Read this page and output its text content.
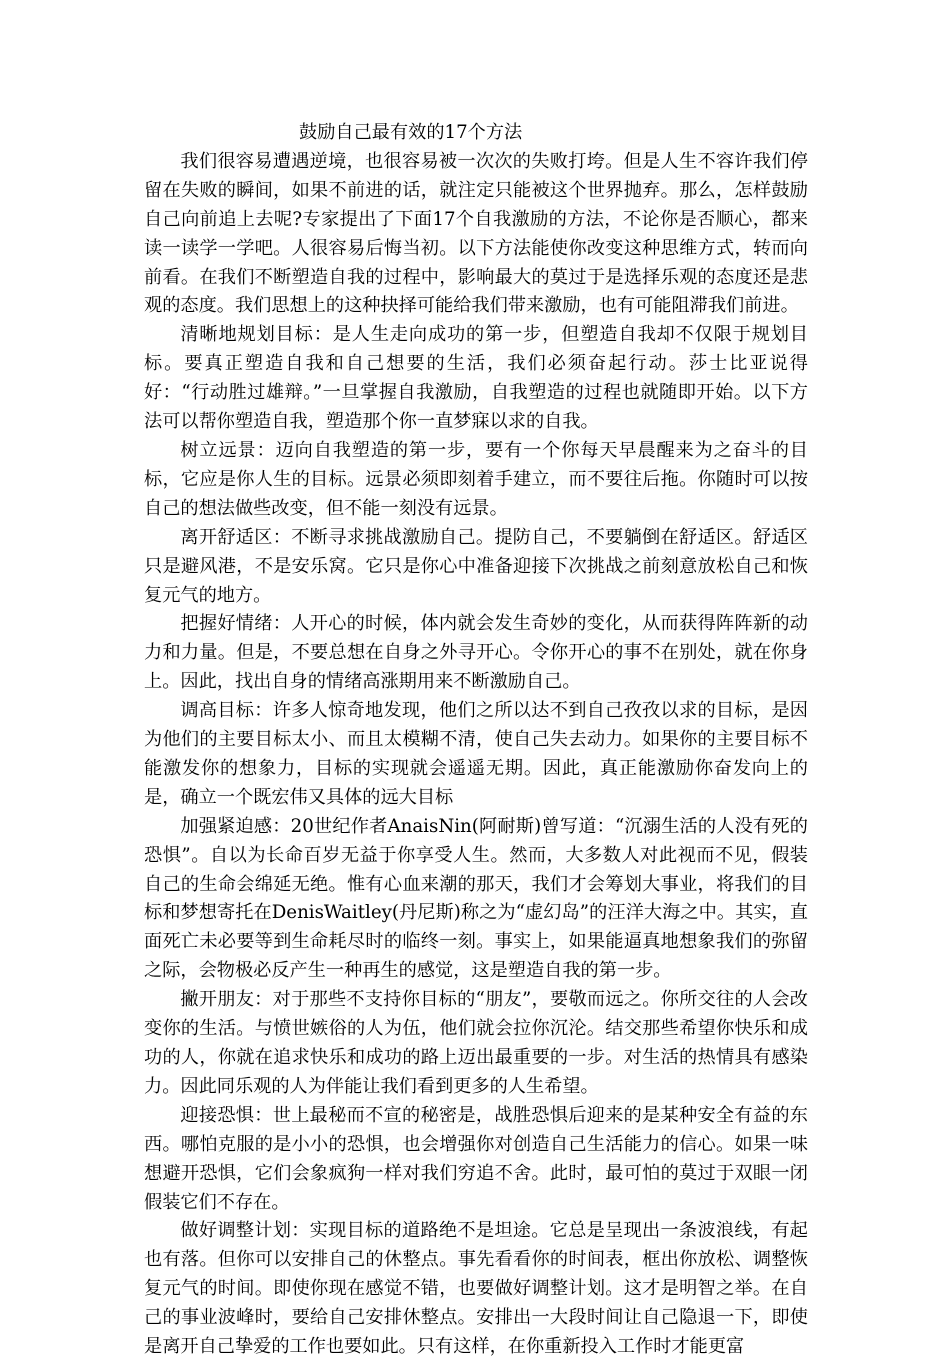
鼓励自己最有效的17个方法

我们很容易遭遇逆境，也很容易被一次次的失败打垮。但是人生不容许我们停留在失败的瞬间，如果不前进的话，就注定只能被这个世界抛弃。那么，怎样鼓励自己向前追上去呢?专家提出了下面17个自我激励的方法，不论你是否顺心，都来读一读学一学吧。人很容易后悔当初。以下方法能使你改变这种思维方式，转而向前看。在我们不断塑造自我的过程中，影响最大的莫过于是选择乐观的态度还是悲观的态度。我们思想上的这种抉择可能给我们带来激励，也有可能阻滞我们前进。

清晰地规划目标：是人生走向成功的第一步，但塑造自我却不仅限于规划目标。要真正塑造自我和自己想要的生活，我们必须奋起行动。莎士比亚说得好：“行动胜过雄辩。”一旦掌握自我激励，自我塑造的过程也就随即开始。以下方法可以帮你塑造自我，塑造那个你一直梦寐以求的自我。

树立远景：迈向自我塑造的第一步，要有一个你每天早晨醒来为之奋斗的目标，它应是你人生的目标。远景必须即刻着手建立，而不要往后拖。你随时可以按自己的想法做些改变，但不能一刻没有远景。

离开舒适区：不断寻求挑战激励自己。提防自己，不要躺倒在舒适区。舒适区只是避风港，不是安乐窝。它只是你心中准备迎接下次挑战之前刻意放松自己和恢复元气的地方。

把握好情绪：人开心的时候，体内就会发生奇妙的变化，从而获得阵阵新的动力和力量。但是，不要总想在自身之外寻开心。令你开心的事不在别处，就在你身上。因此，找出自身的情绪高涨期用来不断激励自己。

调高目标：许多人惊奇地发现，他们之所以达不到自己孜孜以求的目标，是因为他们的主要目标太小、而且太模糊不清，使自己失去动力。如果你的主要目标不能激发你的想象力，目标的实现就会遥遥无期。因此，真正能激励你奋发向上的是，确立一个既宏伟又具体的远大目标

加强紧迫感：20世纪作者AnaisNin(阿耐斯)曾写道：“沉溺生活的人没有死的恐惧”。自以为长命百岁无益于你享受人生。然而，大多数人对此视而不见，假装自己的生命会绵延无绝。惟有心血来潮的那天，我们才会筹划大事业，将我们的目标和梦想寄托在DenisWaitley(丹尼斯)称之为“虚幻岛”的汪洋大海之中。其实，直面死亡未必要等到生命耗尽时的临终一刻。事实上，如果能逼真地想象我们的弥留之际，会物极必反产生一种再生的感觉，这是塑造自我的第一步。

撇开朋友：对于那些不支持你目标的“朋友”，要敬而远之。你所交往的人会改变你的生活。与愤世嫉俗的人为伍，他们就会拉你沉沦。结交那些希望你快乐和成功的人，你就在追求快乐和成功的路上迈出最重要的一步。对生活的热情具有感染力。因此同乐观的人为伴能让我们看到更多的人生希望。

迎接恐惧：世上最秘而不宣的秘密是，战胜恐惧后迎来的是某种安全有益的东西。哪怕克服的是小小的恐惧，也会增强你对创造自己生活能力的信心。如果一味想避开恐惧，它们会象疯狗一样对我们穷追不舍。此时，最可怕的莫过于双眼一闭假装它们不存在。

做好调整计划：实现目标的道路绝不是坦途。它总是呈现出一条波浪线，有起也有落。但你可以安排自己的休整点。事先看看你的时间表，框出你放松、调整恢复元气的时间。即使你现在感觉不错，也要做好调整计划。这才是明智之举。在自己的事业波峰时，要给自己安排休整点。安排出一大段时间让自己隐退一下，即使是离开自己挚爱的工作也要如此。只有这样，在你重新投入工作时才能更富
